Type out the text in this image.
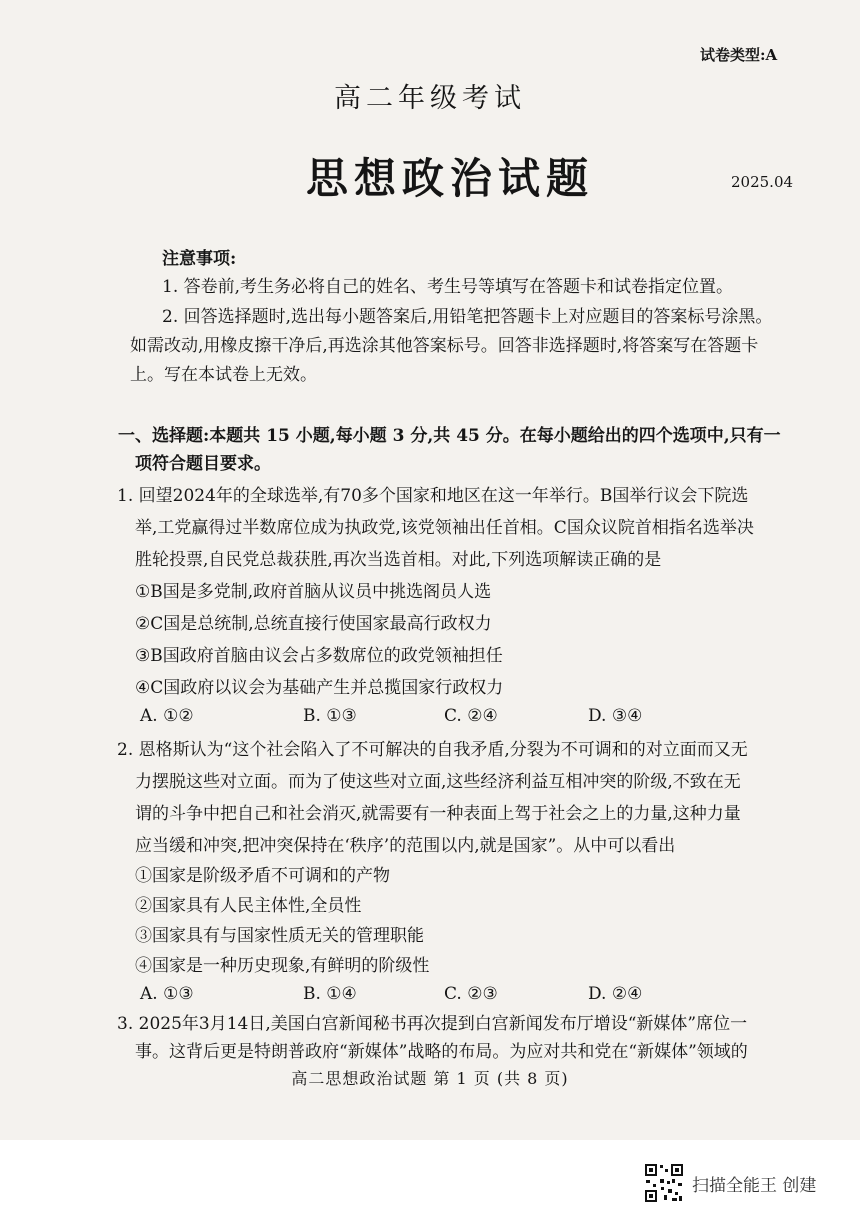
试卷类型:A
高二年级考试
思想政治试题	2025.04
注意事项:
1. 答卷前,考生务必将自己的姓名、考生号等填写在答题卡和试卷指定位置。
2. 回答选择题时,选出每小题答案后,用铅笔把答题卡上对应题目的答案标号涂黑。
如需改动,用橡皮擦干净后,再选涂其他答案标号。回答非选择题时,将答案写在答题卡
上。写在本试卷上无效。
一、选择题:本题共 15 小题,每小题 3 分,共 45 分。在每小题给出的四个选项中,只有一
项符合题目要求。
1. 回望2024年的全球选举,有70多个国家和地区在这一年举行。B国举行议会下院选
举,工党赢得过半数席位成为执政党,该党领袖出任首相。C国众议院首相指名选举决
胜轮投票,自民党总裁获胜,再次当选首相。对此,下列选项解读正确的是
①B国是多党制,政府首脑从议员中挑选阁员人选
②C国是总统制,总统直接行使国家最高行政权力
③B国政府首脑由议会占多数席位的政党领袖担任
④C国政府以议会为基础产生并总揽国家行政权力
A. ①②	B. ①③	C. ②④	D. ③④
2. 恩格斯认为“这个社会陷入了不可解决的自我矛盾,分裂为不可调和的对立面而又无
力摆脱这些对立面。而为了使这些对立面,这些经济利益互相冲突的阶级,不致在无
谓的斗争中把自己和社会消灭,就需要有一种表面上驾于社会之上的力量,这种力量
应当缓和冲突,把冲突保持在‘秩序’的范围以内,就是国家”。从中可以看出
①国家是阶级矛盾不可调和的产物
②国家具有人民主体性,全员性
③国家具有与国家性质无关的管理职能
④国家是一种历史现象,有鲜明的阶级性
A. ①③	B. ①④	C. ②③	D. ②④
3. 2025年3月14日,美国白宫新闻秘书再次提到白宫新闻发布厅增设“新媒体”席位一
事。这背后更是特朗普政府“新媒体”战略的布局。为应对共和党在“新媒体”领域的
高二思想政治试题 第 1 页 (共 8 页)
扫描全能王 创建
